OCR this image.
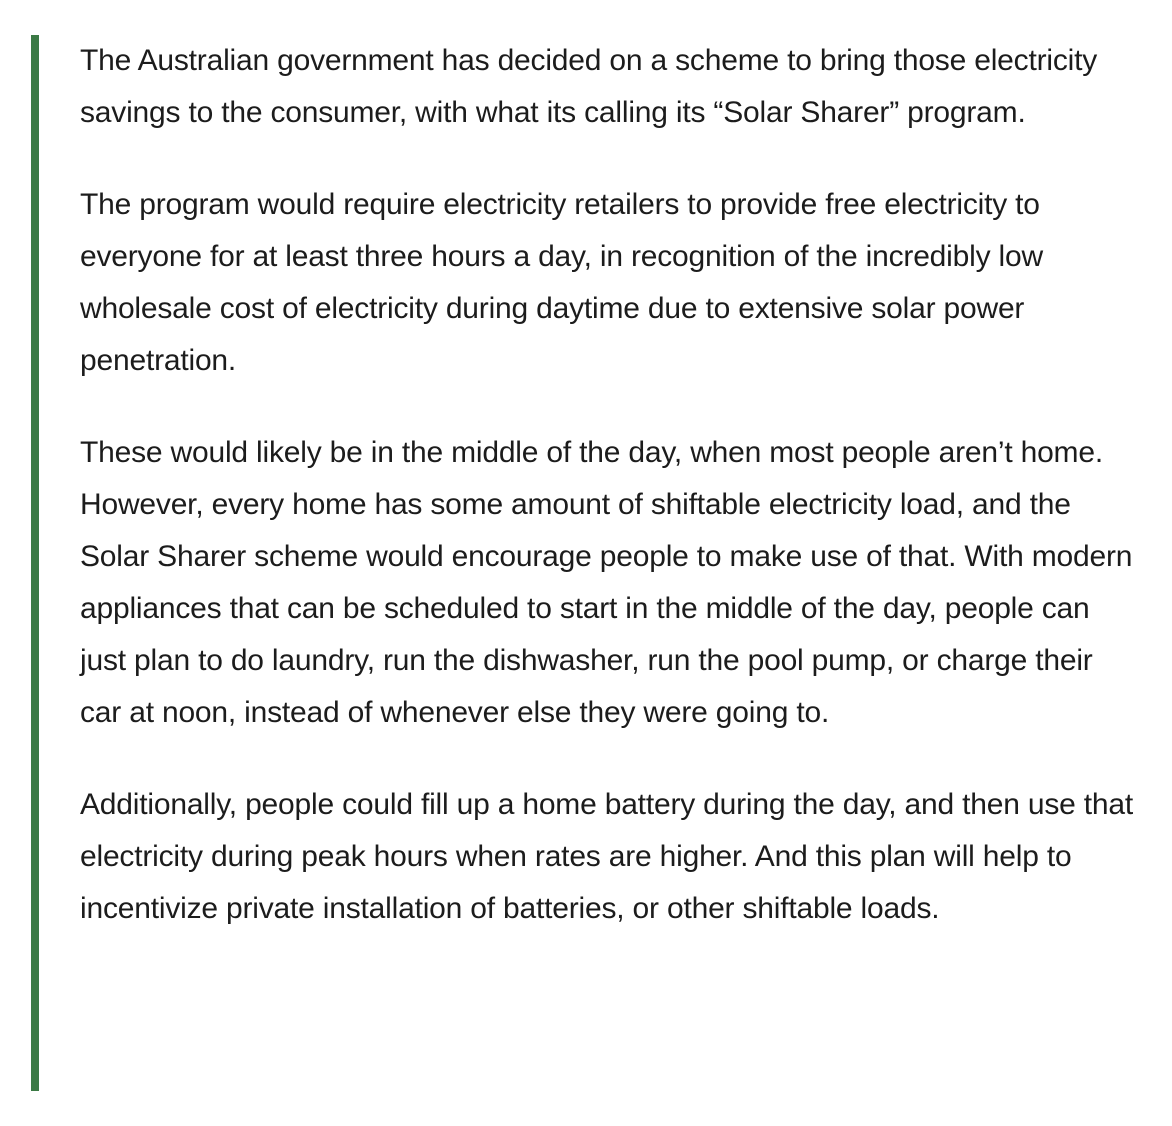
The Australian government has decided on a scheme to bring those electricity savings to the consumer, with what its calling its “Solar Sharer” program.

The program would require electricity retailers to provide free electricity to everyone for at least three hours a day, in recognition of the incredibly low wholesale cost of electricity during daytime due to extensive solar power penetration.

These would likely be in the middle of the day, when most people aren’t home. However, every home has some amount of shiftable electricity load, and the Solar Sharer scheme would encourage people to make use of that. With modern appliances that can be scheduled to start in the middle of the day, people can just plan to do laundry, run the dishwasher, run the pool pump, or charge their car at noon, instead of whenever else they were going to.

Additionally, people could fill up a home battery during the day, and then use that electricity during peak hours when rates are higher. And this plan will help to incentivize private installation of batteries, or other shiftable loads.
